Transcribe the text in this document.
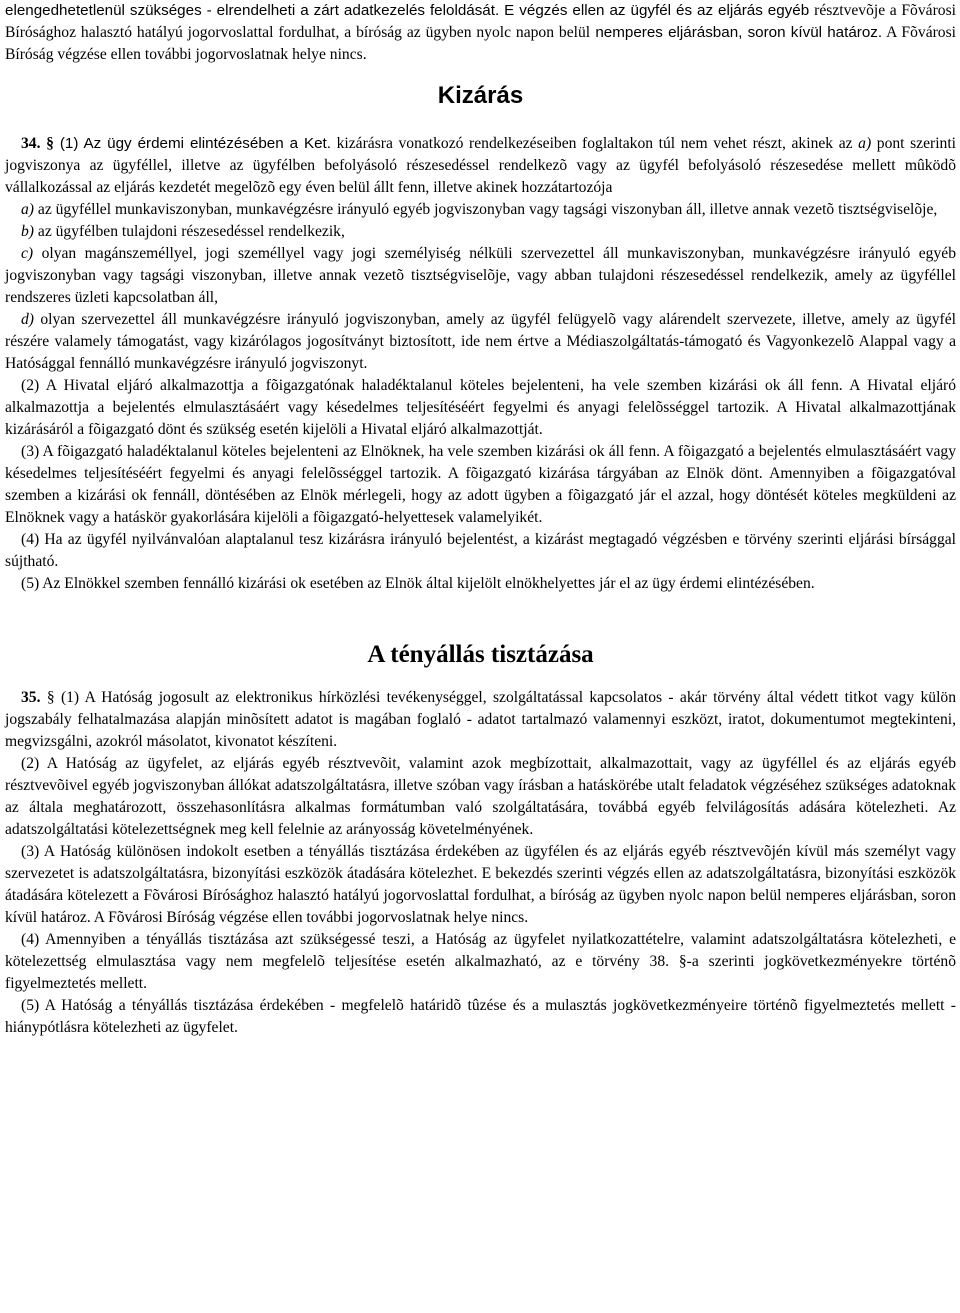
elengedhetetlenül szükséges - elrendelheti a zárt adatkezelés feloldását. E végzés ellen az ügyfél és az eljárás egyéb résztvevõje a Fõvárosi Bírósághoz halasztó hatályú jogorvoslattal fordulhat, a bíróság az ügyben nyolc napon belül nemperes eljárásban, soron kívül határoz. A Fõvárosi Bíróság végzése ellen további jogorvoslatnak helye nincs.

Kizárás

34. § (1) Az ügy érdemi elintézésében a Ket. kizárásra vonatkozó rendelkezéseiben foglaltakon túl nem vehet részt, akinek az a) pont szerinti jogviszonya az ügyféllel, illetve az ügyfélben befolyásoló részesedéssel rendelkezõ vagy az ügyfél befolyásoló részesedése mellett mûködõ vállalkozással az eljárás kezdetét megelõzõ egy éven belül állt fenn, illetve akinek hozzátartozója

a) az ügyféllel munkaviszonyban, munkavégzésre irányuló egyéb jogviszonyban vagy tagsági viszonyban áll, illetve annak vezetõ tisztségviselõje,

b) az ügyfélben tulajdoni részesedéssel rendelkezik,

c) olyan magánszeméllyel, jogi személlyel vagy jogi személyiség nélküli szervezettel áll munkaviszonyban, munkavégzésre irányuló egyéb jogviszonyban vagy tagsági viszonyban, illetve annak vezetõ tisztségviselõje, vagy abban tulajdoni részesedéssel rendelkezik, amely az ügyféllel rendszeres üzleti kapcsolatban áll,

d) olyan szervezettel áll munkavégzésre irányuló jogviszonyban, amely az ügyfél felügyelõ vagy alárendelt szervezete, illetve, amely az ügyfél részére valamely támogatást, vagy kizárólagos jogosítványt biztosított, ide nem értve a Médiaszolgáltatás-támogató és Vagyonkezelõ Alappal vagy a Hatósággal fennálló munkavégzésre irányuló jogviszonyt.

(2) A Hivatal eljáró alkalmazottja a fõigazgatónak haladéktalanul köteles bejelenteni, ha vele szemben kizárási ok áll fenn. A Hivatal eljáró alkalmazottja a bejelentés elmulasztásáért vagy késedelmes teljesítéséért fegyelmi és anyagi felelõsséggel tartozik. A Hivatal alkalmazottjának kizárásáról a fõigazgató dönt és szükség esetén kijelöli a Hivatal eljáró alkalmazottját.

(3) A fõigazgató haladéktalanul köteles bejelenteni az Elnöknek, ha vele szemben kizárási ok áll fenn. A fõigazgató a bejelentés elmulasztásáért vagy késedelmes teljesítéséért fegyelmi és anyagi felelõsséggel tartozik. A fõigazgató kizárása tárgyában az Elnök dönt. Amennyiben a fõigazgatóval szemben a kizárási ok fennáll, döntésében az Elnök mérlegeli, hogy az adott ügyben a fõigazgató jár el azzal, hogy döntését köteles megküldeni az Elnöknek vagy a hatáskör gyakorlására kijelöli a fõigazgató-helyettesek valamelyikét.

(4) Ha az ügyfél nyilvánvalóan alaptalanul tesz kizárásra irányuló bejelentést, a kizárást megtagadó végzésben e törvény szerinti eljárási bírsággal sújtható.

(5) Az Elnökkel szemben fennálló kizárási ok esetében az Elnök által kijelölt elnökhelyettes jár el az ügy érdemi elintézésében.

A tényállás tisztázása

35. § (1) A Hatóság jogosult az elektronikus hírközlési tevékenységgel, szolgáltatással kapcsolatos - akár törvény által védett titkot vagy külön jogszabály felhatalmazása alapján minõsített adatot is magában foglaló - adatot tartalmazó valamennyi eszközt, iratot, dokumentumot megtekinteni, megvizsgálni, azokról másolatot, kivonatot készíteni.

(2) A Hatóság az ügyfelet, az eljárás egyéb résztvevõit, valamint azok megbízottait, alkalmazottait, vagy az ügyféllel és az eljárás egyéb résztvevõivel egyéb jogviszonyban állókat adatszolgáltatásra, illetve szóban vagy írásban a hatáskörébe utalt feladatok végzéséhez szükséges adatoknak az általa meghatározott, összehasonlításra alkalmas formátumban való szolgáltatására, továbbá egyéb felvilágosítás adására kötelezheti. Az adatszolgáltatási kötelezettségnek meg kell felelnie az arányosság követelményének.

(3) A Hatóság különösen indokolt esetben a tényállás tisztázása érdekében az ügyfélen és az eljárás egyéb résztvevõjén kívül más személyt vagy szervezetet is adatszolgáltatásra, bizonyítási eszközök átadására kötelezhet. E bekezdés szerinti végzés ellen az adatszolgáltatásra, bizonyítási eszközök átadására kötelezett a Fõvárosi Bírósághoz halasztó hatályú jogorvoslattal fordulhat, a bíróság az ügyben nyolc napon belül nemperes eljárásban, soron kívül határoz. A Fõvárosi Bíróság végzése ellen további jogorvoslatnak helye nincs.

(4) Amennyiben a tényállás tisztázása azt szükségessé teszi, a Hatóság az ügyfelet nyilatkozattételre, valamint adatszolgáltatásra kötelezheti, e kötelezettség elmulasztása vagy nem megfelelõ teljesítése esetén alkalmazható, az e törvény 38. §-a szerinti jogkövetkezményekre történõ figyelmeztetés mellett.

(5) A Hatóság a tényállás tisztázása érdekében - megfelelõ határidõ tûzése és a mulasztás jogkövetkezményeire történõ figyelmeztetés mellett - hiánypótlásra kötelezheti az ügyfelet.
